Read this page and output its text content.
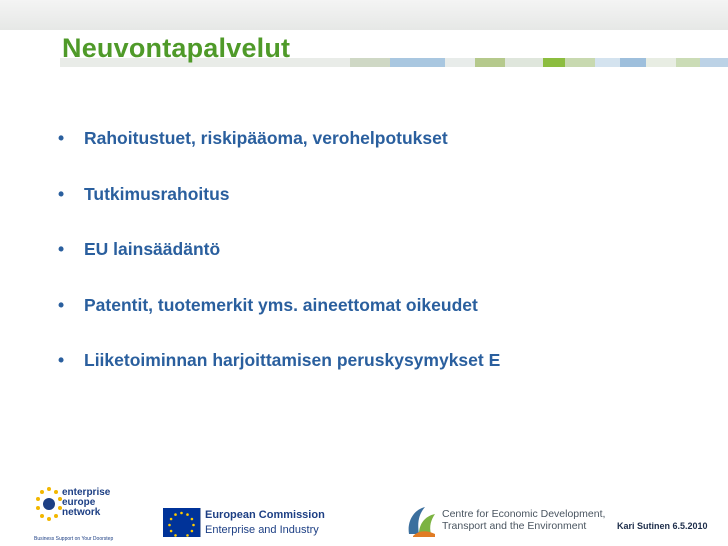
Neuvontapalvelut
• Rahoitustuet, riskipääoma, verohelpotukset
• Tutkimusrahoitus
• EU lainsäädäntö
• Patentit, tuotemerkit yms. aineettomat oikeudet
• Liiketoiminnan harjoittamisen peruskysymykset E
enterprise
europe
network
Business Support on Your Doorstep
European Commission
Enterprise and Industry
Centre for Economic Development,
Transport and the Environment	Kari Sutinen 6.5.2010
